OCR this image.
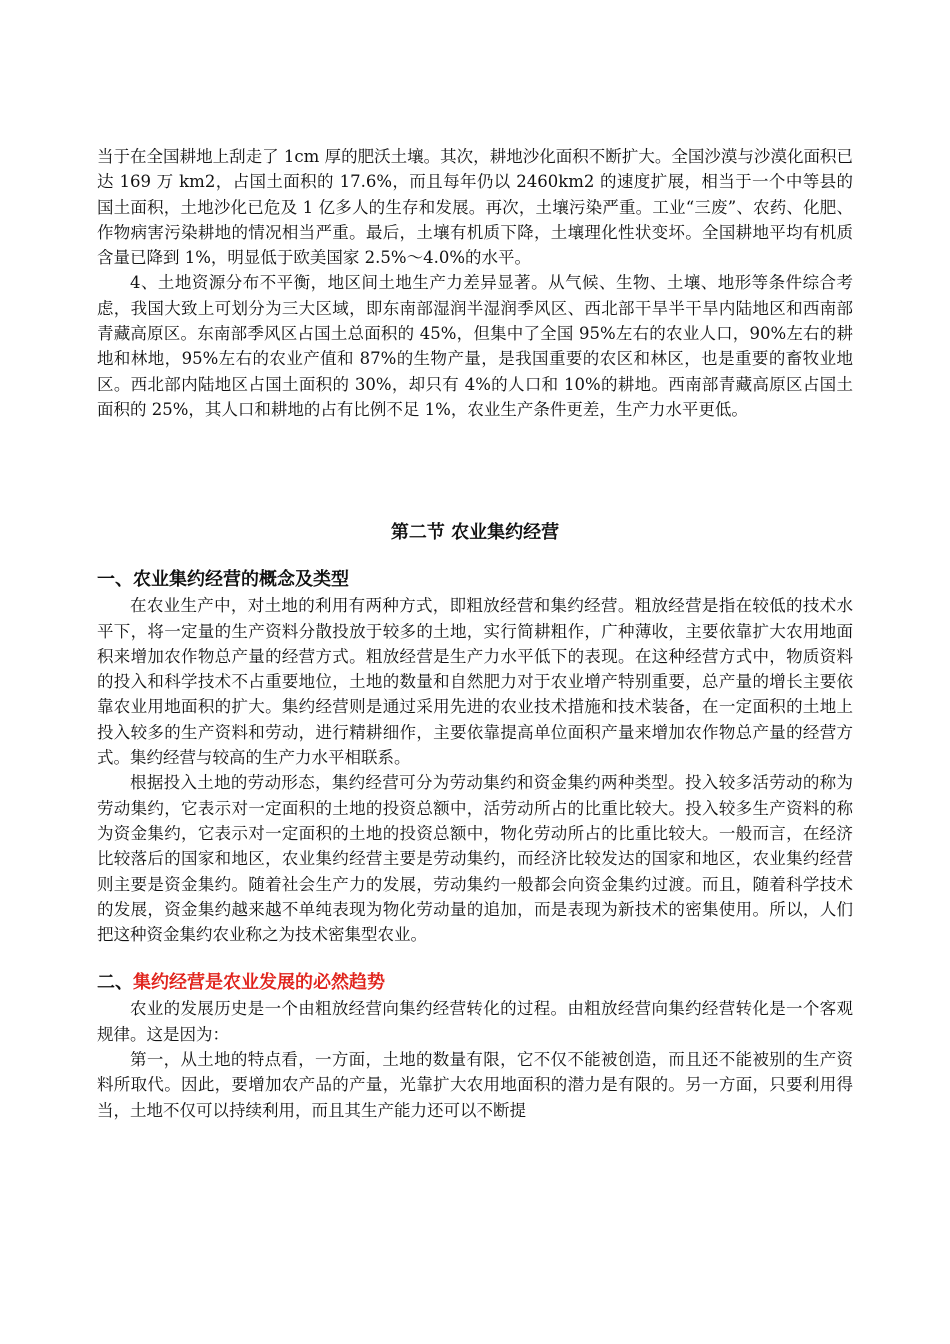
当于在全国耕地上刮走了 1cm 厚的肥沃土壤。其次，耕地沙化面积不断扩大。全国沙漠与沙漠化面积已达 169 万 km2，占国土面积的 17.6%，而且每年仍以 2460km2 的速度扩展，相当于一个中等县的国土面积，土地沙化已危及 1 亿多人的生存和发展。再次，土壤污染严重。工业“三废”、农药、化肥、作物病害污染耕地的情况相当严重。最后，土壤有机质下降，土壤理化性状变坏。全国耕地平均有机质含量已降到 1%，明显低于欧美国家 2.5%～4.0%的水平。

4、土地资源分布不平衡，地区间土地生产力差异显著。从气候、生物、土壤、地形等条件综合考虑，我国大致上可划分为三大区域，即东南部湿润半湿润季风区、西北部干旱半干旱内陆地区和西南部青藏高原区。东南部季风区占国土总面积的 45%，但集中了全国 95%左右的农业人口，90%左右的耕地和林地，95%左右的农业产值和 87%的生物产量，是我国重要的农区和林区，也是重要的畜牧业地区。西北部内陆地区占国土面积的 30%，却只有 4%的人口和 10%的耕地。西南部青藏高原区占国土面积的 25%，其人口和耕地的占有比例不足 1%，农业生产条件更差，生产力水平更低。

第二节 农业集约经营

一、农业集约经营的概念及类型

在农业生产中，对土地的利用有两种方式，即粗放经营和集约经营。粗放经营是指在较低的技术水平下，将一定量的生产资料分散投放于较多的土地，实行简耕粗作，广种薄收，主要依靠扩大农用地面积来增加农作物总产量的经营方式。粗放经营是生产力水平低下的表现。在这种经营方式中，物质资料的投入和科学技术不占重要地位，土地的数量和自然肥力对于农业增产特别重要，总产量的增长主要依靠农业用地面积的扩大。集约经营则是通过采用先进的农业技术措施和技术装备，在一定面积的土地上投入较多的生产资料和劳动，进行精耕细作，主要依靠提高单位面积产量来增加农作物总产量的经营方式。集约经营与较高的生产力水平相联系。

根据投入土地的劳动形态，集约经营可分为劳动集约和资金集约两种类型。投入较多活劳动的称为劳动集约，它表示对一定面积的土地的投资总额中，活劳动所占的比重比较大。投入较多生产资料的称为资金集约，它表示对一定面积的土地的投资总额中，物化劳动所占的比重比较大。一般而言，在经济比较落后的国家和地区，农业集约经营主要是劳动集约，而经济比较发达的国家和地区，农业集约经营则主要是资金集约。随着社会生产力的发展，劳动集约一般都会向资金集约过渡。而且，随着科学技术的发展，资金集约越来越不单纯表现为物化劳动量的追加，而是表现为新技术的密集使用。所以，人们把这种资金集约农业称之为技术密集型农业。

二、集约经营是农业发展的必然趋势

农业的发展历史是一个由粗放经营向集约经营转化的过程。由粗放经营向集约经营转化是一个客观规律。这是因为：

第一，从土地的特点看，一方面，土地的数量有限，它不仅不能被创造，而且还不能被别的生产资料所取代。因此，要增加农产品的产量，光靠扩大农用地面积的潜力是有限的。另一方面，只要利用得当，土地不仅可以持续利用，而且其生产能力还可以不断提
